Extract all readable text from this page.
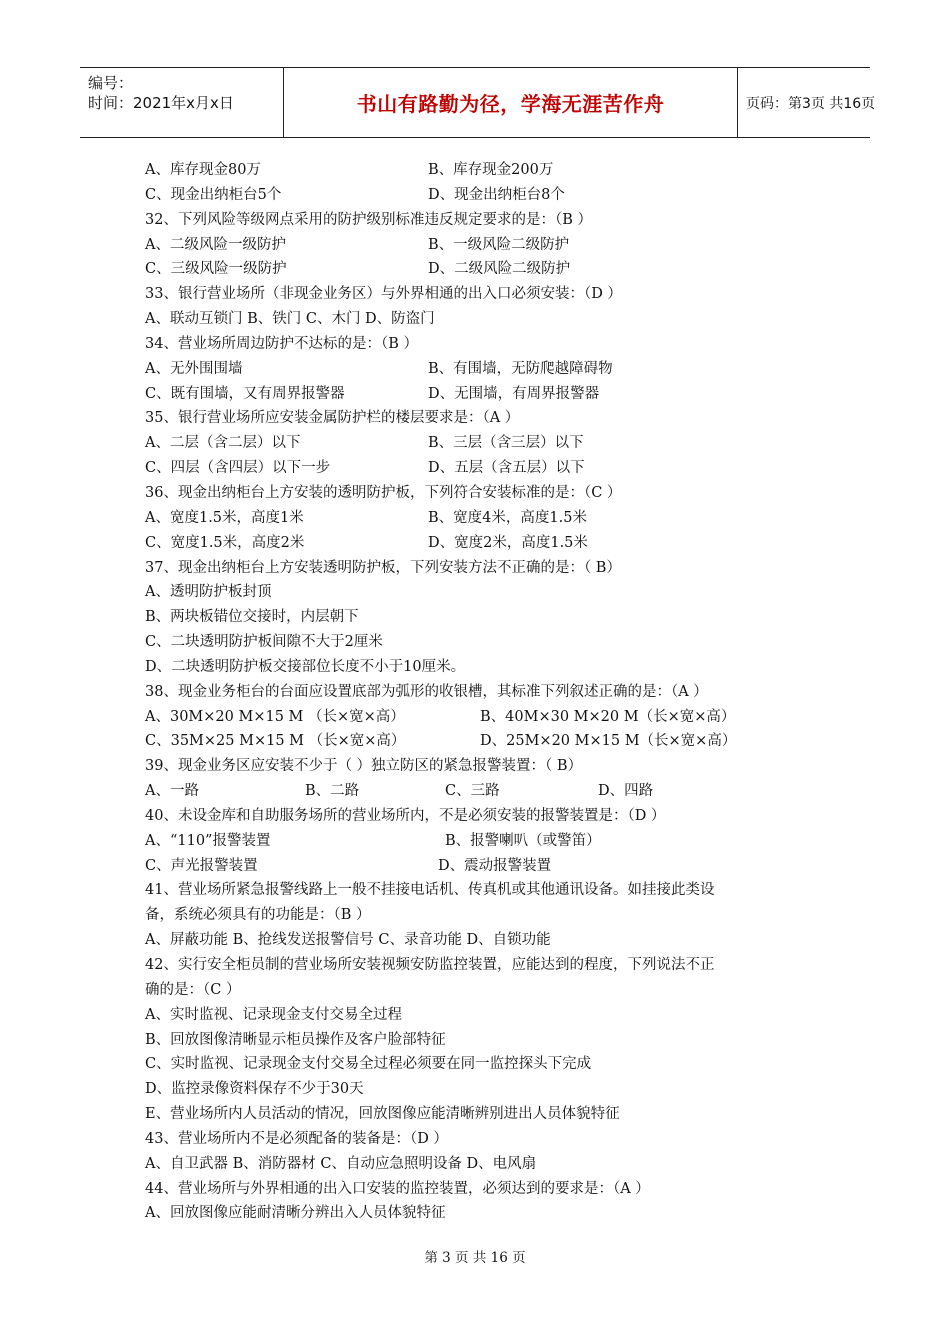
编号：
时间：2021年x月x日	书山有路勤为径，学海无涯苦作舟	页码：第3页 共16页
A、库存现金80万	B、库存现金200万
C、现金出纳柜台5个	D、现金出纳柜台8个
32、下列风险等级网点采用的防护级别标准违反规定要求的是：（B ）
A、二级风险一级防护	B、一级风险二级防护
C、三级风险一级防护	D、二级风险二级防护
33、银行营业场所（非现金业务区）与外界相通的出入口必须安装：（D ）
A、联动互锁门 B、铁门 C、木门 D、防盗门
34、营业场所周边防护不达标的是：（B ）
A、无外围围墙	B、有围墙，无防爬越障碍物
C、既有围墙，又有周界报警器	D、无围墙，有周界报警器
35、银行营业场所应安装金属防护栏的楼层要求是：（A ）
A、二层（含二层）以下	B、三层（含三层）以下
C、四层（含四层）以下一步	D、五层（含五层）以下
36、现金出纳柜台上方安装的透明防护板，下列符合安装标准的是：（C ）
A、宽度1.5米，高度1米	B、宽度4米，高度1.5米
C、宽度1.5米，高度2米	D、宽度2米，高度1.5米
37、现金出纳柜台上方安装透明防护板，下列安装方法不正确的是：（ B）
A、透明防护板封顶
B、两块板错位交接时，内层朝下
C、二块透明防护板间隙不大于2厘米
D、二块透明防护板交接部位长度不小于10厘米。
38、现金业务柜台的台面应设置底部为弧形的收银槽，其标准下列叙述正确的是：（A ）
A、30M×20 M×15 M （长×宽×高）	B、40M×30 M×20 M（长×宽×高）
C、35M×25 M×15 M （长×宽×高）	D、25M×20 M×15 M（长×宽×高）
39、现金业务区应安装不少于（ ）独立防区的紧急报警装置：（ B）
A、一路	B、二路	C、三路	D、四路
40、未设金库和自助服务场所的营业场所内，不是必须安装的报警装置是：（D ）
A、“110”报警装置	B、报警喇叭（或警笛）
C、声光报警装置	D、震动报警装置
41、营业场所紧急报警线路上一般不挂接电话机、传真机或其他通讯设备。如挂接此类设
备，系统必须具有的功能是：（B ）
A、屏蔽功能 B、抢线发送报警信号 C、录音功能 D、自锁功能
42、实行安全柜员制的营业场所安装视频安防监控装置，应能达到的程度，下列说法不正
确的是：（C ）
A、实时监视、记录现金支付交易全过程
B、回放图像清晰显示柜员操作及客户脸部特征
C、实时监视、记录现金支付交易全过程必须要在同一监控探头下完成
D、监控录像资料保存不少于30天
E、营业场所内人员活动的情况，回放图像应能清晰辨别进出人员体貌特征
43、营业场所内不是必须配备的装备是：（D ）
A、自卫武器 B、消防器材 C、自动应急照明设备 D、电风扇
44、营业场所与外界相通的出入口安装的监控装置，必须达到的要求是：（A ）
A、回放图像应能耐清晰分辨出入人员体貌特征
第 3 页 共 16 页
